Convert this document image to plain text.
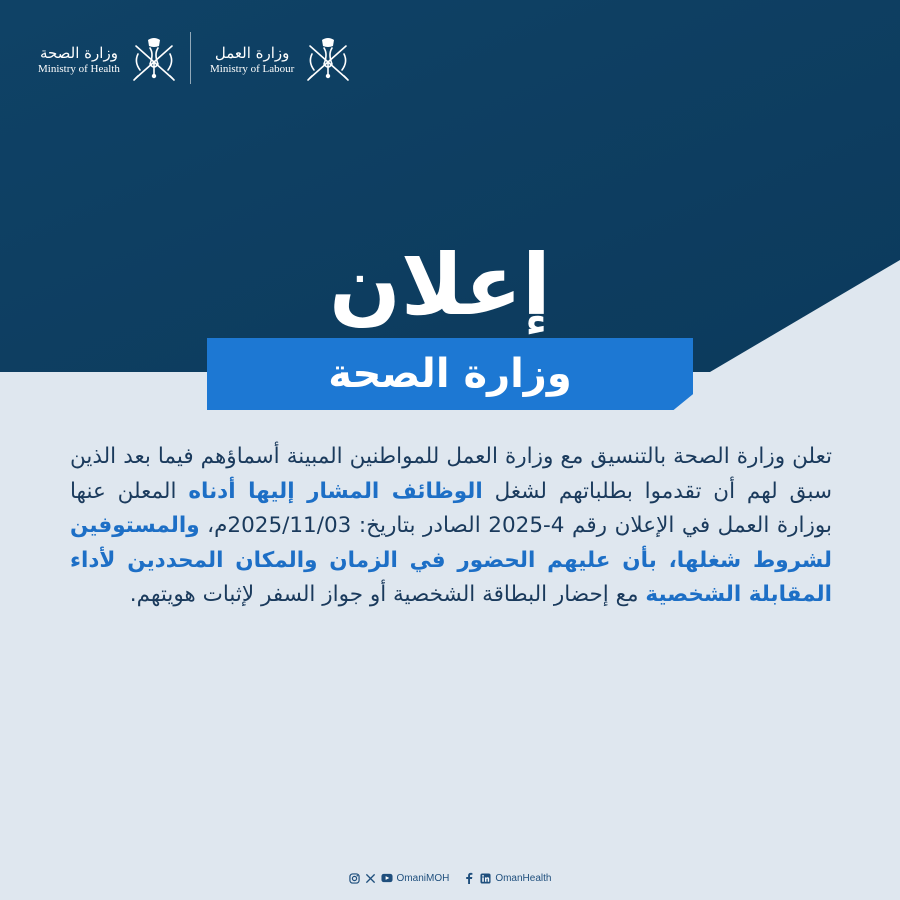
وزارة الصحة
Ministry of Health
وزارة العمل
Ministry of Labour
إعلان
وزارة الصحة
تعلن وزارة الصحة بالتنسيق مع وزارة العمل للمواطنين المبينة أسماؤهم فيما بعد الذين سبق لهم أن تقدموا بطلباتهم لشغل الوظائف المشار إليها أدناه المعلن عنها بوزارة العمل في الإعلان رقم 4-2025 الصادر بتاريخ: 2025/11/03م، والمستوفين لشروط شغلها، بأن عليهم الحضور في الزمان والمكان المحددين لأداء المقابلة الشخصية مع إحضار البطاقة الشخصية أو جواز السفر لإثبات هويتهم.
OmaniMOH	OmanHealth
